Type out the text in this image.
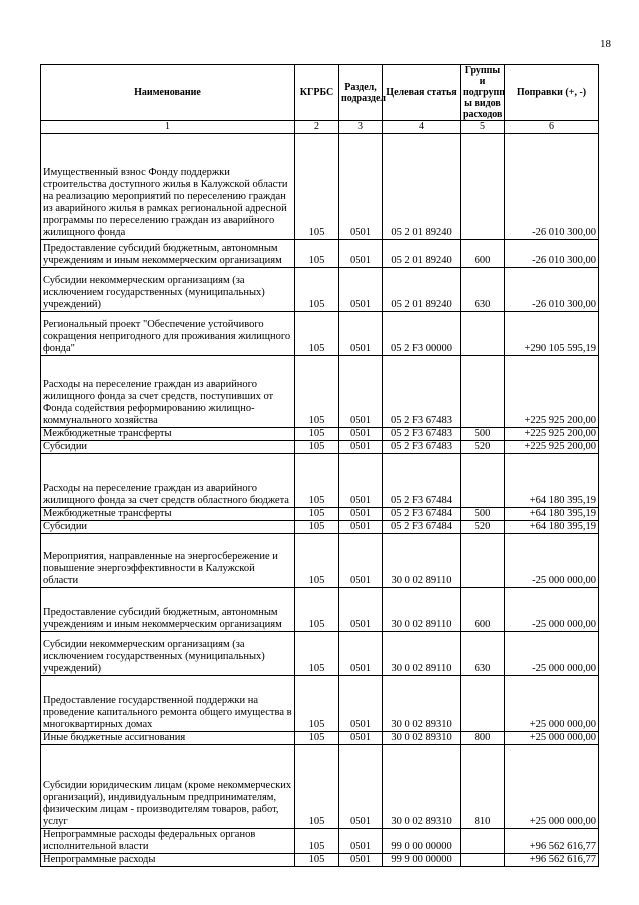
18
Наименование	КГРБС	Раздел, подраздел	Целевая статья	Группы и подгрупп ы видов расходов	Поправки (+, -)
1	2	3	4	5	6
Имущественный взнос Фонду поддержки строительства доступного жилья в Калужской области на реализацию мероприятий по переселению граждан из аварийного жилья в рамках региональной адресной программы по переселению граждан из аварийного жилищного фонда	105	0501	05 2 01 89240		-26 010 300,00
Предоставление субсидий бюджетным, автономным учреждениям и иным некоммерческим организациям	105	0501	05 2 01 89240	600	-26 010 300,00
Субсидии некоммерческим организациям (за исключением государственных (муниципальных) учреждений)	105	0501	05 2 01 89240	630	-26 010 300,00
Региональный проект "Обеспечение устойчивого сокращения непригодного для проживания жилищного фонда"	105	0501	05 2 F3 00000		+290 105 595,19
Расходы на переселение граждан из аварийного жилищного фонда за счет средств, поступивших от Фонда содействия реформированию жилищно-коммунального хозяйства	105	0501	05 2 F3 67483		+225 925 200,00
Межбюджетные трансферты	105	0501	05 2 F3 67483	500	+225 925 200,00
Субсидии	105	0501	05 2 F3 67483	520	+225 925 200,00
Расходы на переселение граждан из аварийного жилищного фонда за счет средств областного бюджета	105	0501	05 2 F3 67484		+64 180 395,19
Межбюджетные трансферты	105	0501	05 2 F3 67484	500	+64 180 395,19
Субсидии	105	0501	05 2 F3 67484	520	+64 180 395,19
Мероприятия, направленные на энергосбережение и повышение энергоэффективности в Калужской области	105	0501	30 0 02 89110		-25 000 000,00
Предоставление субсидий бюджетным, автономным учреждениям и иным некоммерческим организациям	105	0501	30 0 02 89110	600	-25 000 000,00
Субсидии некоммерческим организациям (за исключением государственных (муниципальных) учреждений)	105	0501	30 0 02 89110	630	-25 000 000,00
Предоставление государственной поддержки на проведение капитального ремонта общего имущества в многоквартирных домах	105	0501	30 0 02 89310		+25 000 000,00
Иные бюджетные ассигнования	105	0501	30 0 02 89310	800	+25 000 000,00
Субсидии юридическим лицам (кроме некоммерческих организаций), индивидуальным предпринимателям, физическим лицам - производителям товаров, работ, услуг	105	0501	30 0 02 89310	810	+25 000 000,00
Непрограммные расходы федеральных органов исполнительной власти	105	0501	99 0 00 00000		+96 562 616,77
Непрограммные расходы	105	0501	99 9 00 00000		+96 562 616,77
